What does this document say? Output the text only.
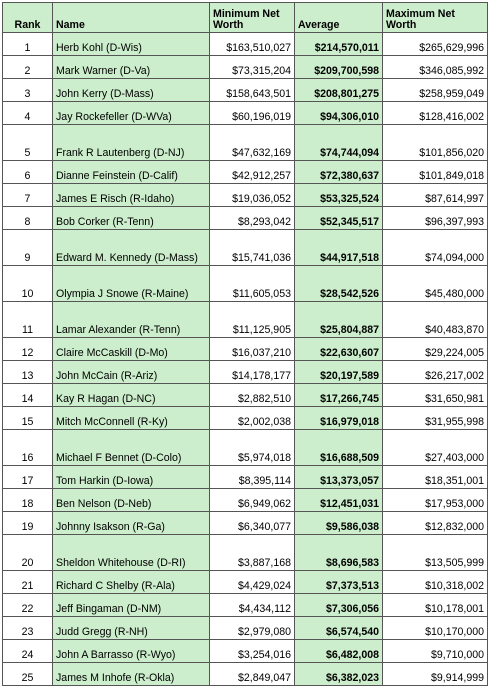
Rank	Name	Minimum Net Worth	Average	Maximum Net Worth
1	Herb Kohl (D-Wis)	$163,510,027	$214,570,011	$265,629,996
2	Mark Warner (D-Va)	$73,315,204	$209,700,598	$346,085,992
3	John Kerry (D-Mass)	$158,643,501	$208,801,275	$258,959,049
4	Jay Rockefeller (D-WVa)	$60,196,019	$94,306,010	$128,416,002
5	Frank R Lautenberg (D-NJ)	$47,632,169	$74,744,094	$101,856,020
6	Dianne Feinstein (D-Calif)	$42,912,257	$72,380,637	$101,849,018
7	James E Risch (R-Idaho)	$19,036,052	$53,325,524	$87,614,997
8	Bob Corker (R-Tenn)	$8,293,042	$52,345,517	$96,397,993
9	Edward M. Kennedy (D-Mass)	$15,741,036	$44,917,518	$74,094,000
10	Olympia J Snowe (R-Maine)	$11,605,053	$28,542,526	$45,480,000
11	Lamar Alexander (R-Tenn)	$11,125,905	$25,804,887	$40,483,870
12	Claire McCaskill (D-Mo)	$16,037,210	$22,630,607	$29,224,005
13	John McCain (R-Ariz)	$14,178,177	$20,197,589	$26,217,002
14	Kay R Hagan (D-NC)	$2,882,510	$17,266,745	$31,650,981
15	Mitch McConnell (R-Ky)	$2,002,038	$16,979,018	$31,955,998
16	Michael F Bennet (D-Colo)	$5,974,018	$16,688,509	$27,403,000
17	Tom Harkin (D-Iowa)	$8,395,114	$13,373,057	$18,351,001
18	Ben Nelson (D-Neb)	$6,949,062	$12,451,031	$17,953,000
19	Johnny Isakson (R-Ga)	$6,340,077	$9,586,038	$12,832,000
20	Sheldon Whitehouse (D-RI)	$3,887,168	$8,696,583	$13,505,999
21	Richard C Shelby (R-Ala)	$4,429,024	$7,373,513	$10,318,002
22	Jeff Bingaman (D-NM)	$4,434,112	$7,306,056	$10,178,001
23	Judd Gregg (R-NH)	$2,979,080	$6,574,540	$10,170,000
24	John A Barrasso (R-Wyo)	$3,254,016	$6,482,008	$9,710,000
25	James M Inhofe (R-Okla)	$2,849,047	$6,382,023	$9,914,999
